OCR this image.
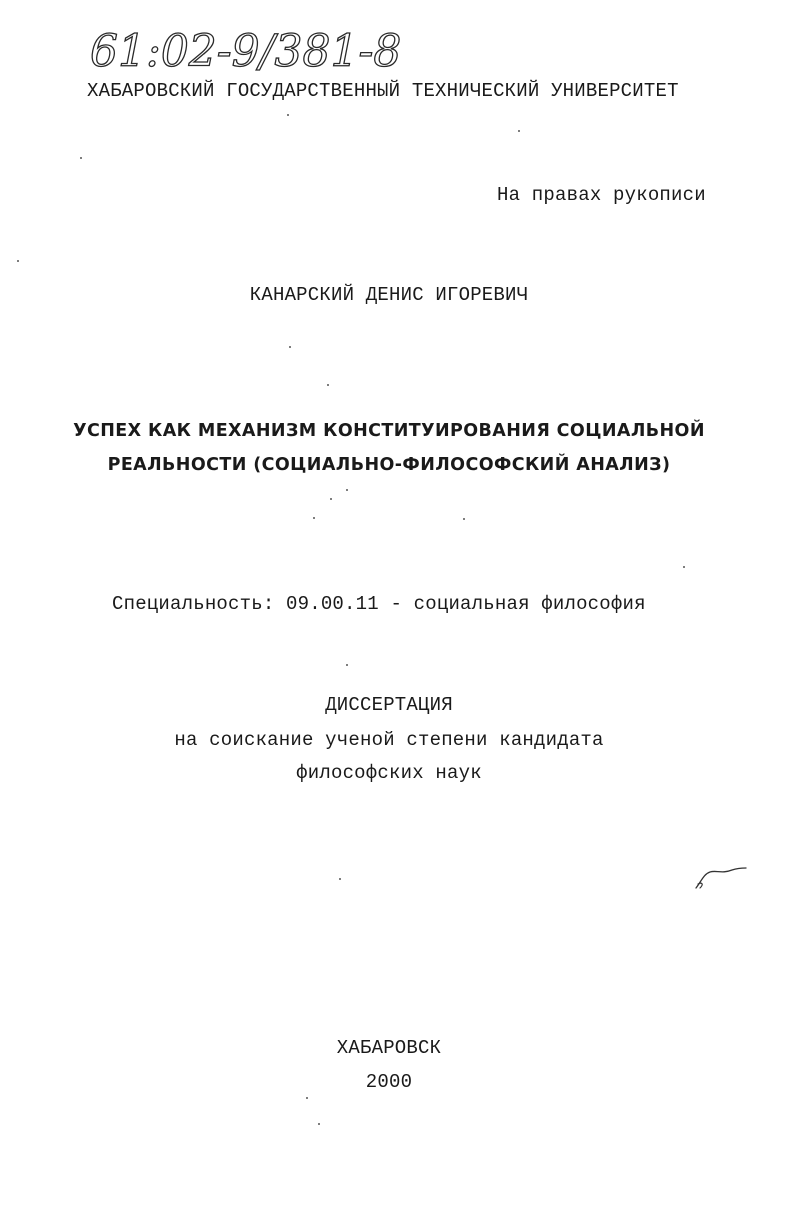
61:02-9/381-8
ХАБАРОВСКИЙ ГОСУДАРСТВЕННЫЙ ТЕХНИЧЕСКИЙ УНИВЕРСИТЕТ
На правах рукописи
КАНАРСКИЙ ДЕНИС ИГОРЕВИЧ
УСПЕХ КАК МЕХАНИЗМ КОНСТИТУИРОВАНИЯ СОЦИАЛЬНОЙ
РЕАЛЬНОСТИ (СОЦИАЛЬНО-ФИЛОСОФСКИЙ АНАЛИЗ)
Специальность: 09.00.11 - социальная философия
ДИССЕРТАЦИЯ
на соискание ученой степени кандидата
философских наук
ХАБАРОВСК
2000
